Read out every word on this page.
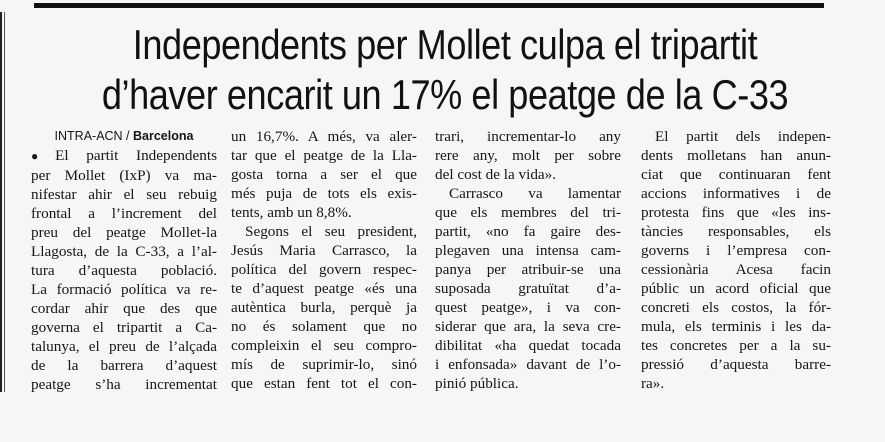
Independents per Mollet culpa el tripartit
d’haver encarit un 17% el peatge de la C-33
INTRA-ACN / Barcelona
● El partit Independents
per Mollet (IxP) va ma-
nifestar ahir el seu rebuig
frontal a l’increment del
preu del peatge Mollet-la
Llagosta, de la C-33, a l’al-
tura d’aquesta població.
La formació política va re-
cordar ahir que des que
governa el tripartit a Ca-
talunya, el preu de l’alçada
de la barrera d’aquest
peatge s’ha incrementat
un 16,7%. A més, va aler-
tar que el peatge de la Lla-
gosta torna a ser el que
més puja de tots els exis-
tents, amb un 8,8%.
Segons el seu president,
Jesús Maria Carrasco, la
política del govern respec-
te d’aquest peatge «és una
autèntica burla, perquè ja
no és solament que no
compleixin el seu compro-
mís de suprimir-lo, sinó
que estan fent tot el con-
trari, incrementar-lo any
rere any, molt per sobre
del cost de la vida».
Carrasco va lamentar
que els membres del tri-
partit, «no fa gaire des-
plegaven una intensa cam-
panya per atribuir-se una
suposada gratuïtat d’a-
quest peatge», i va con-
siderar que ara, la seva cre-
dibilitat «ha quedat tocada
i enfonsada» davant de l’o-
pinió pública.
El partit dels indepen-
dents molletans han anun-
ciat que continuaran fent
accions informatives i de
protesta fins que «les ins-
tàncies responsables, els
governs i l’empresa con-
cessionària Acesa facin
públic un acord oficial que
concreti els costos, la fór-
mula, els terminis i les da-
tes concretes per a la su-
pressió d’aquesta barre-
ra».
